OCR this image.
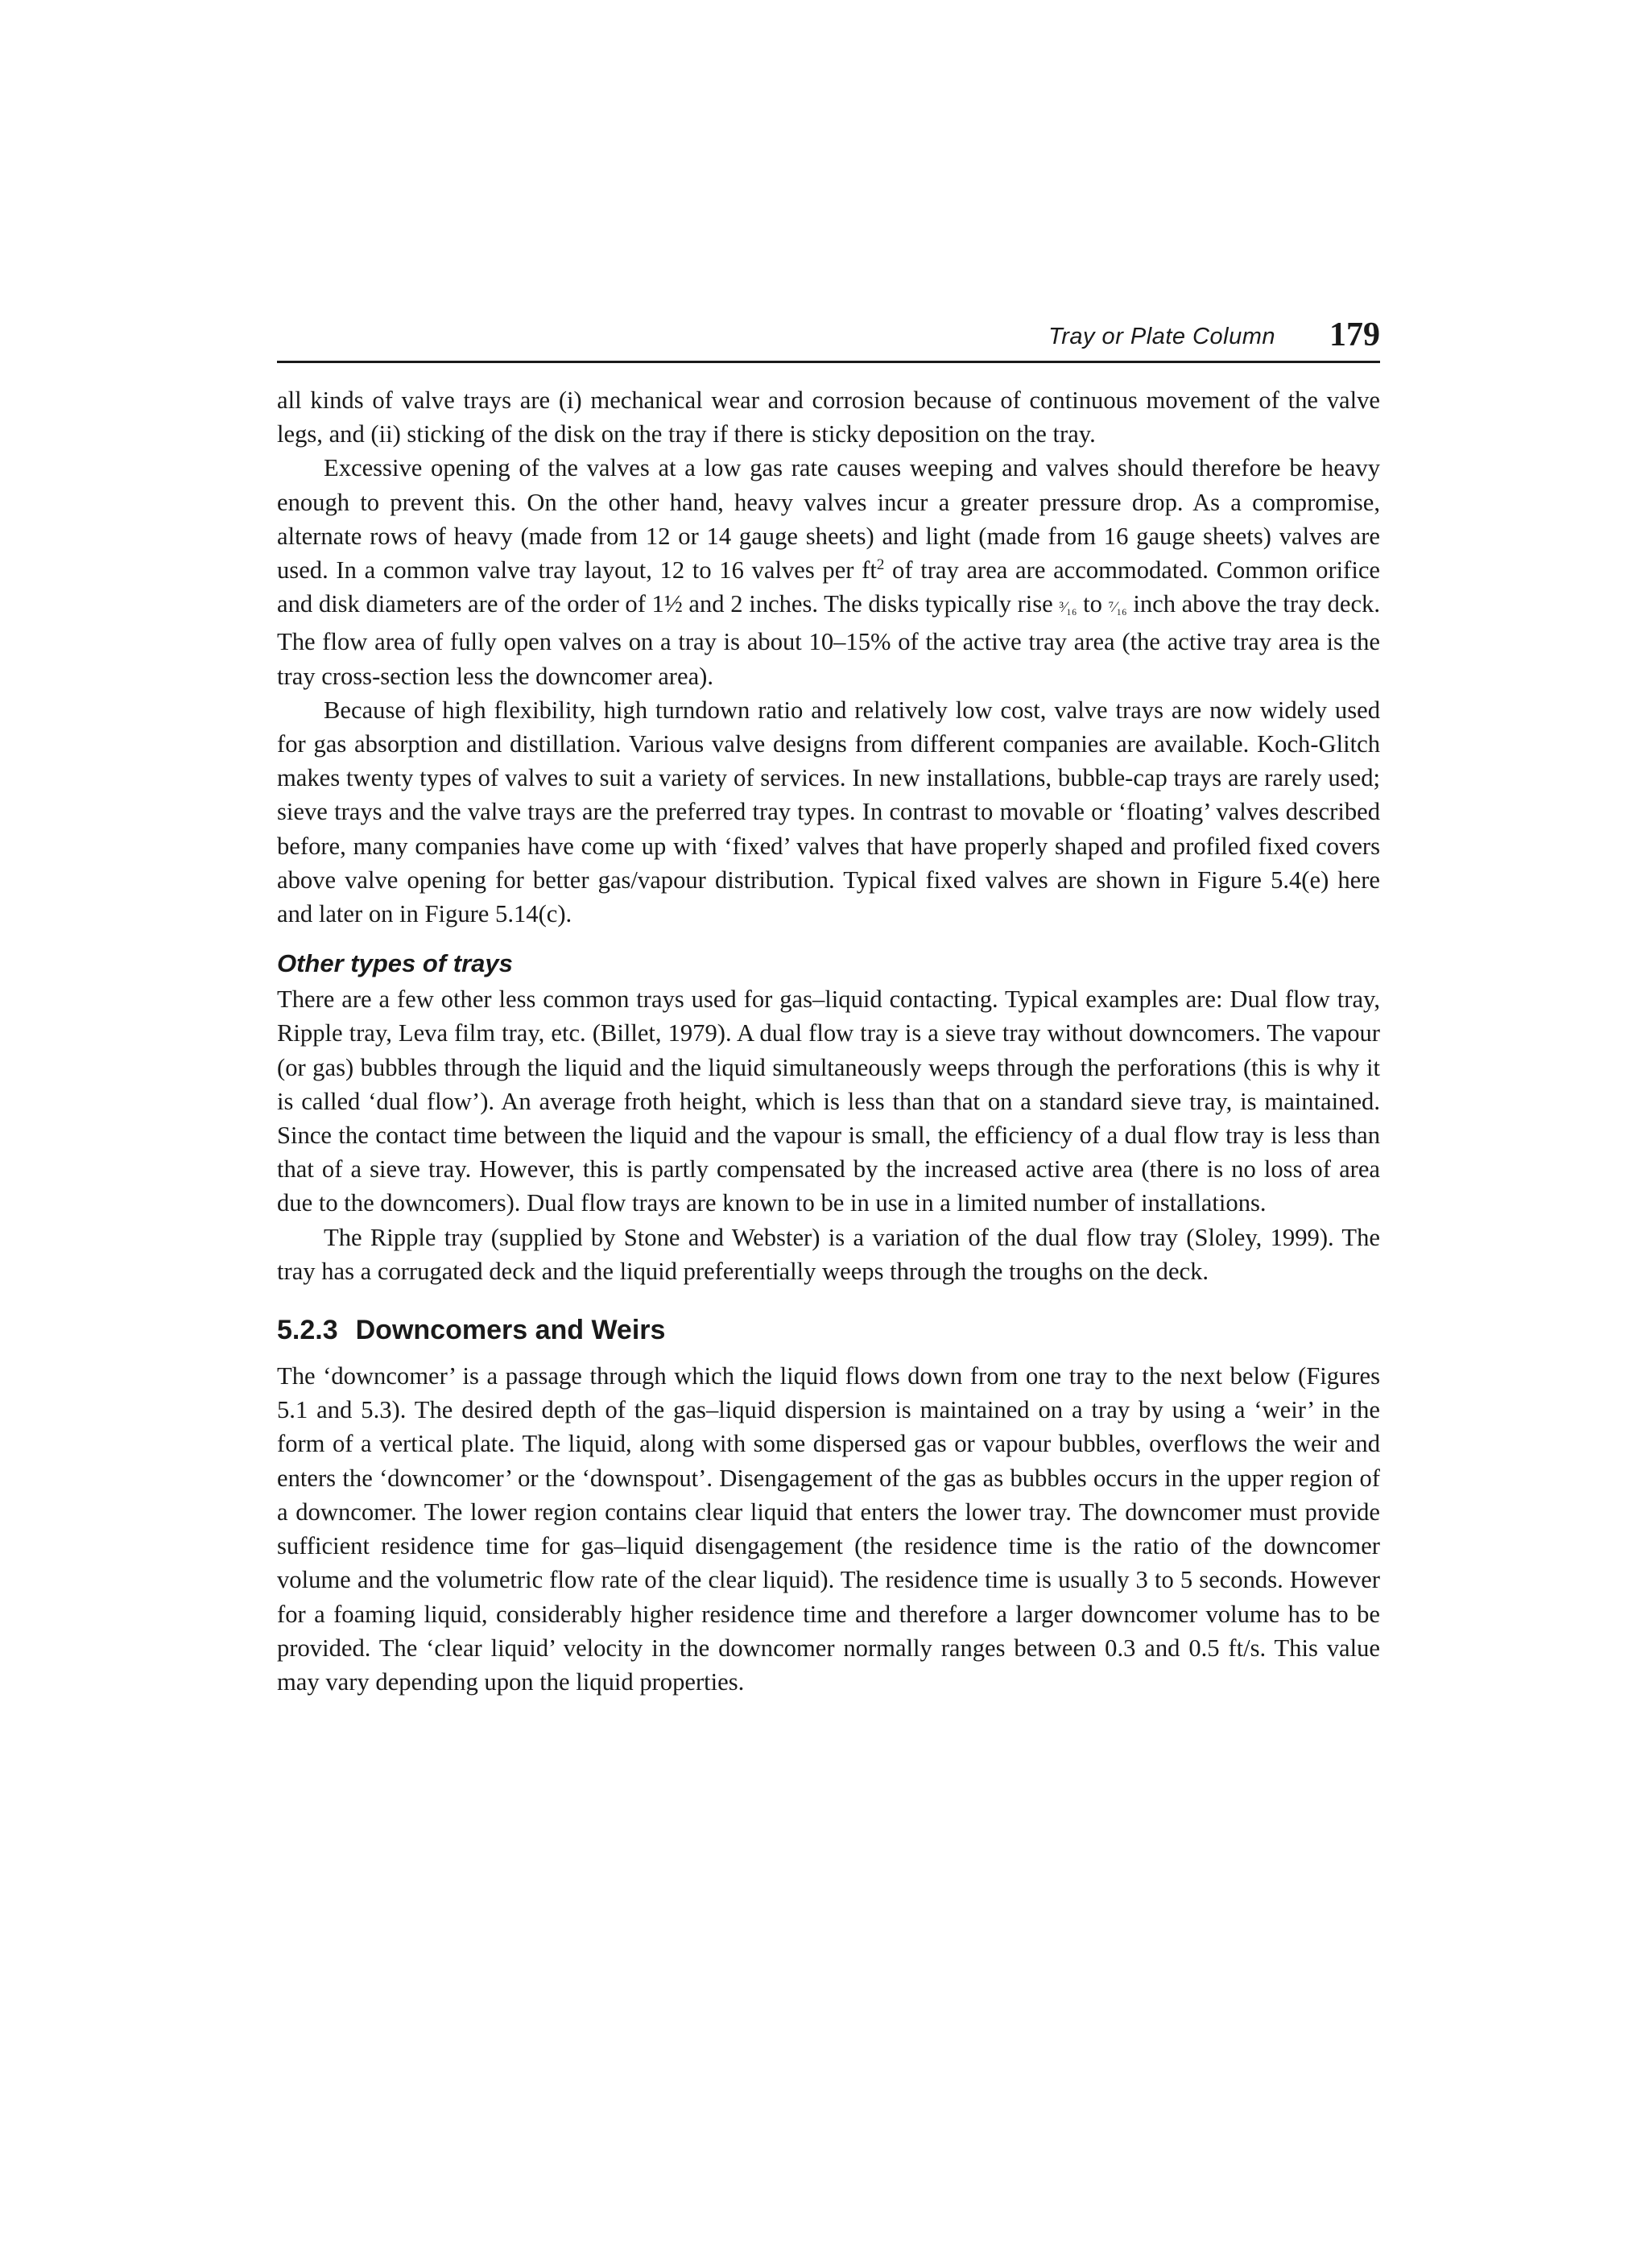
Tray or Plate Column 179

all kinds of valve trays are (i) mechanical wear and corrosion because of continuous movement of the valve legs, and (ii) sticking of the disk on the tray if there is sticky deposition on the tray.

Excessive opening of the valves at a low gas rate causes weeping and valves should therefore be heavy enough to prevent this. On the other hand, heavy valves incur a greater pressure drop. As a compromise, alternate rows of heavy (made from 12 or 14 gauge sheets) and light (made from 16 gauge sheets) valves are used. In a common valve tray layout, 12 to 16 valves per $ft^2$ of tray area are accommodated. Common orifice and disk diameters are of the order of 1½ and 2 inches. The disks typically rise ³⁄₁₆ to ⁷⁄₁₆ inch above the tray deck. The flow area of fully open valves on a tray is about 10–15% of the active tray area (the active tray area is the tray cross-section less the downcomer area).

Because of high flexibility, high turndown ratio and relatively low cost, valve trays are now widely used for gas absorption and distillation. Various valve designs from different companies are available. Koch-Glitch makes twenty types of valves to suit a variety of services. In new installations, bubble-cap trays are rarely used; sieve trays and the valve trays are the preferred tray types. In contrast to movable or ‘floating’ valves described before, many companies have come up with ‘fixed’ valves that have properly shaped and profiled fixed covers above valve opening for better gas/vapour distribution. Typical fixed valves are shown in Figure 5.4(e) here and later on in Figure 5.14(c).

Other types of trays

There are a few other less common trays used for gas–liquid contacting. Typical examples are: Dual flow tray, Ripple tray, Leva film tray, etc. (Billet, 1979). A dual flow tray is a sieve tray without downcomers. The vapour (or gas) bubbles through the liquid and the liquid simultaneously weeps through the perforations (this is why it is called ‘dual flow’). An average froth height, which is less than that on a standard sieve tray, is maintained. Since the contact time between the liquid and the vapour is small, the efficiency of a dual flow tray is less than that of a sieve tray. However, this is partly compensated by the increased active area (there is no loss of area due to the downcomers). Dual flow trays are known to be in use in a limited number of installations.

The Ripple tray (supplied by Stone and Webster) is a variation of the dual flow tray (Sloley, 1999). The tray has a corrugated deck and the liquid preferentially weeps through the troughs on the deck.

5.2.3 Downcomers and Weirs

The ‘downcomer’ is a passage through which the liquid flows down from one tray to the next below (Figures 5.1 and 5.3). The desired depth of the gas–liquid dispersion is maintained on a tray by using a ‘weir’ in the form of a vertical plate. The liquid, along with some dispersed gas or vapour bubbles, overflows the weir and enters the ‘downcomer’ or the ‘downspout’. Disengagement of the gas as bubbles occurs in the upper region of a downcomer. The lower region contains clear liquid that enters the lower tray. The downcomer must provide sufficient residence time for gas–liquid disengagement (the residence time is the ratio of the downcomer volume and the volumetric flow rate of the clear liquid). The residence time is usually 3 to 5 seconds. However for a foaming liquid, considerably higher residence time and therefore a larger downcomer volume has to be provided. The ‘clear liquid’ velocity in the downcomer normally ranges between 0.3 and 0.5 ft/s. This value may vary depending upon the liquid properties.
